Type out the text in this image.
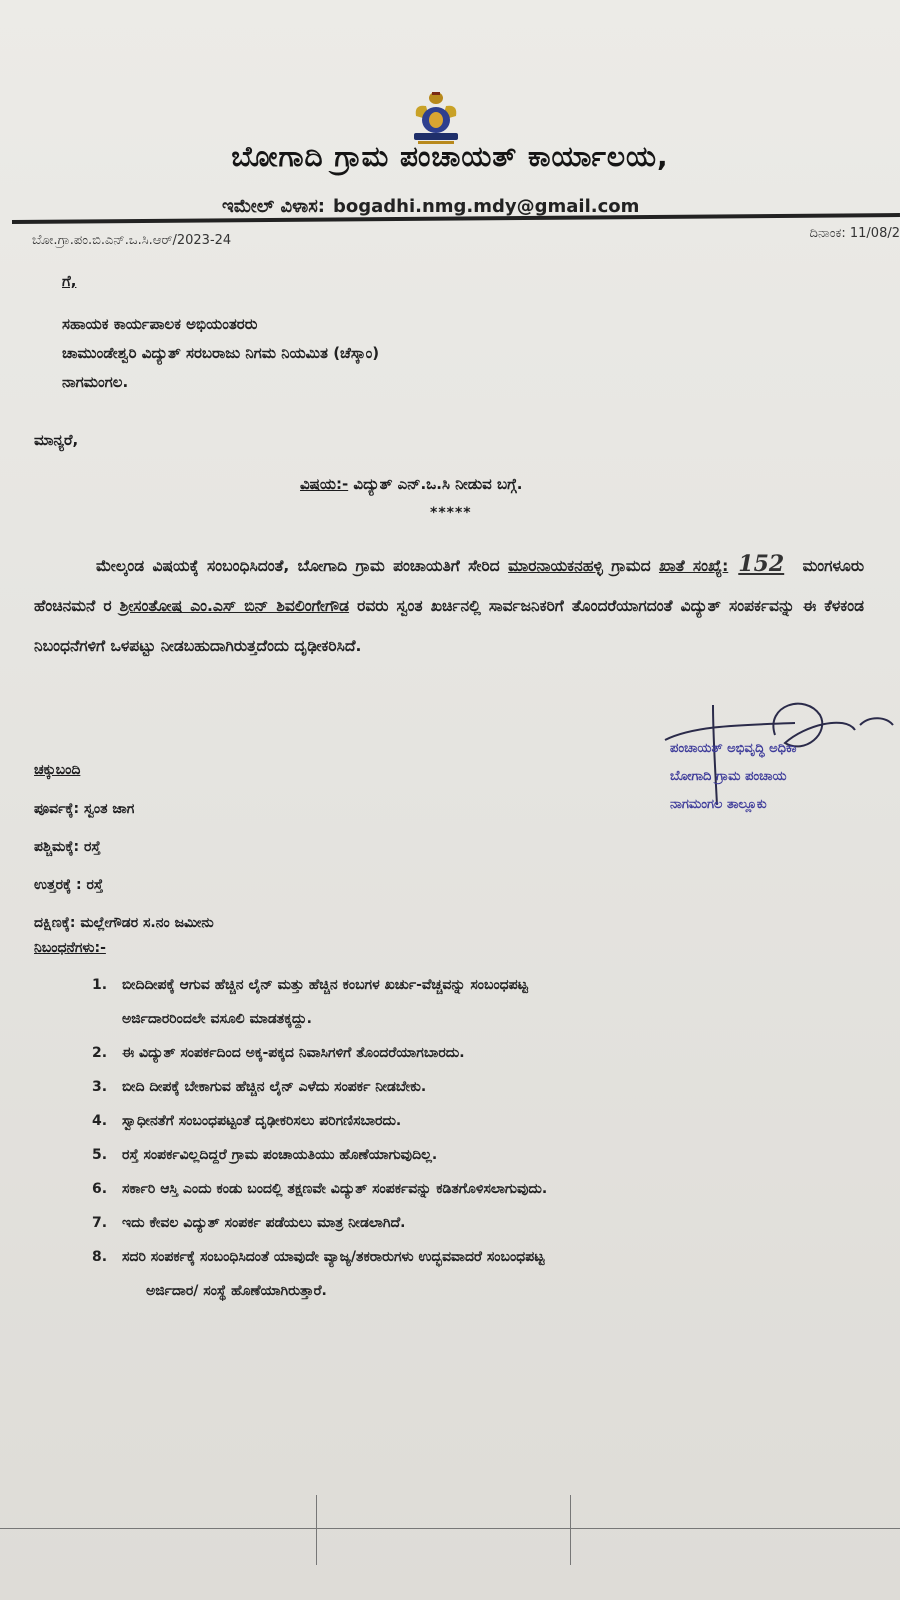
ಬೋಗಾದಿ ಗ್ರಾಮ ಪಂಚಾಯತ್ ಕಾರ್ಯಾಲಯ,
ಇಮೇಲ್ ವಿಳಾಸ: bogadhi.nmg.mdy@gmail.com
ಬೋ.ಗ್ರಾ.ಪಂ.ಬಿ.ಎನ್.ಒ.ಸಿ.ಆರ್/2023-24	ದಿನಾಂಕ: 11/08/2
ಗೆ,
ಸಹಾಯಕ ಕಾರ್ಯಪಾಲಕ ಅಭಿಯಂತರರು
ಚಾಮುಂಡೇಶ್ವರಿ ವಿದ್ಯುತ್ ಸರಬರಾಜು ನಿಗಮ ನಿಯಮಿತ (ಚೆಸ್ಕಾಂ)
ನಾಗಮಂಗಲ.
ಮಾನ್ಯರೆ,
ವಿಷಯ:- ವಿದ್ಯುತ್ ಎನ್.ಒ.ಸಿ ನೀಡುವ ಬಗ್ಗೆ.
*****
ಮೇಲ್ಕಂಡ ವಿಷಯಕ್ಕೆ ಸಂಬಂಧಿಸಿದಂತೆ, ಬೋಗಾದಿ ಗ್ರಾಮ ಪಂಚಾಯತಿಗೆ ಸೇರಿದ ಮಾರನಾಯಕನಹಳ್ಳಿ ಗ್ರಾಮದ ಖಾತೆ ಸಂಖ್ಯೆ: 152 ಮಂಗಳೂರು ಹೆಂಚಿನಮನೆ ರ ಶ್ರೀಸಂತೋಷ ಎಂ.ಎಸ್ ಬಿನ್ ಶಿವಲಿಂಗೇಗೌಡ ರವರು ಸ್ವಂತ ಖರ್ಚಿನಲ್ಲಿ ಸಾರ್ವಜನಿಕರಿಗೆ ತೊಂದರೆಯಾಗದಂತೆ ವಿದ್ಯುತ್ ಸಂಪರ್ಕವನ್ನು ಈ ಕೆಳಕಂಡ ನಿಬಂಧನೆಗಳಿಗೆ ಒಳಪಟ್ಟು ನೀಡಬಹುದಾಗಿರುತ್ತದೆಂದು ದೃಢೀಕರಿಸಿದೆ.
ಪಂಚಾಯತ್ ಅಭಿವೃದ್ಧಿ ಅಧಿಕಾ
ಬೋಗಾದಿ ಗ್ರಾಮ ಪಂಚಾಯ
ನಾಗಮಂಗಲ ತಾಲ್ಲೂಕು
ಚಕ್ಕುಬಂದಿ
ಪೂರ್ವಕ್ಕೆ: ಸ್ವಂತ ಜಾಗ
ಪಶ್ಚಿಮಕ್ಕೆ: ರಸ್ತೆ
ಉತ್ತರಕ್ಕೆ : ರಸ್ತೆ
ದಕ್ಷಿಣಕ್ಕೆ: ಮಲ್ಲೇಗೌಡರ ಸ.ನಂ ಜಮೀನು
ನಿಬಂಧನೆಗಳು:-
1.	ಬೀದಿದೀಪಕ್ಕೆ ಆಗುವ ಹೆಚ್ಚಿನ ಲೈನ್ ಮತ್ತು ಹೆಚ್ಚಿನ ಕಂಬಗಳ ಖರ್ಚು-ವೆಚ್ಚವನ್ನು ಸಂಬಂಧಪಟ್ಟ
ಅರ್ಜಿದಾರರಿಂದಲೇ ವಸೂಲಿ ಮಾಡತಕ್ಕದ್ದು.
2.	ಈ ವಿದ್ಯುತ್ ಸಂಪರ್ಕದಿಂದ ಅಕ್ಕ-ಪಕ್ಕದ ನಿವಾಸಿಗಳಿಗೆ ತೊಂದರೆಯಾಗಬಾರದು.
3.	ಬೀದಿ ದೀಪಕ್ಕೆ ಬೇಕಾಗುವ ಹೆಚ್ಚಿನ ಲೈನ್ ಎಳೆದು ಸಂಪರ್ಕ ನೀಡಬೇಕು.
4.	ಸ್ವಾಧೀನತೆಗೆ ಸಂಬಂಧಪಟ್ಟಂತೆ ದೃಢೀಕರಿಸಲು ಪರಿಗಣಿಸಬಾರದು.
5.	ರಸ್ತೆ ಸಂಪರ್ಕವಿಲ್ಲದಿದ್ದರೆ ಗ್ರಾಮ ಪಂಚಾಯತಿಯು ಹೊಣೆಯಾಗುವುದಿಲ್ಲ.
6.	ಸರ್ಕಾರಿ ಆಸ್ತಿ ಎಂದು ಕಂಡು ಬಂದಲ್ಲಿ ತಕ್ಷಣವೇ ವಿದ್ಯುತ್ ಸಂಪರ್ಕವನ್ನು ಕಡಿತಗೊಳಿಸಲಾಗುವುದು.
7.	ಇದು ಕೇವಲ ವಿದ್ಯುತ್ ಸಂಪರ್ಕ ಪಡೆಯಲು ಮಾತ್ರ ನೀಡಲಾಗಿದೆ.
8.	ಸದರಿ ಸಂಪರ್ಕಕ್ಕೆ ಸಂಬಂಧಿಸಿದಂತೆ ಯಾವುದೇ ವ್ಯಾಜ್ಯ/ತಕರಾರುಗಳು ಉದ್ಭವವಾದರೆ ಸಂಬಂಧಪಟ್ಟ
ಅರ್ಜಿದಾರ/ ಸಂಸ್ಥೆ ಹೊಣೆಯಾಗಿರುತ್ತಾರೆ.
